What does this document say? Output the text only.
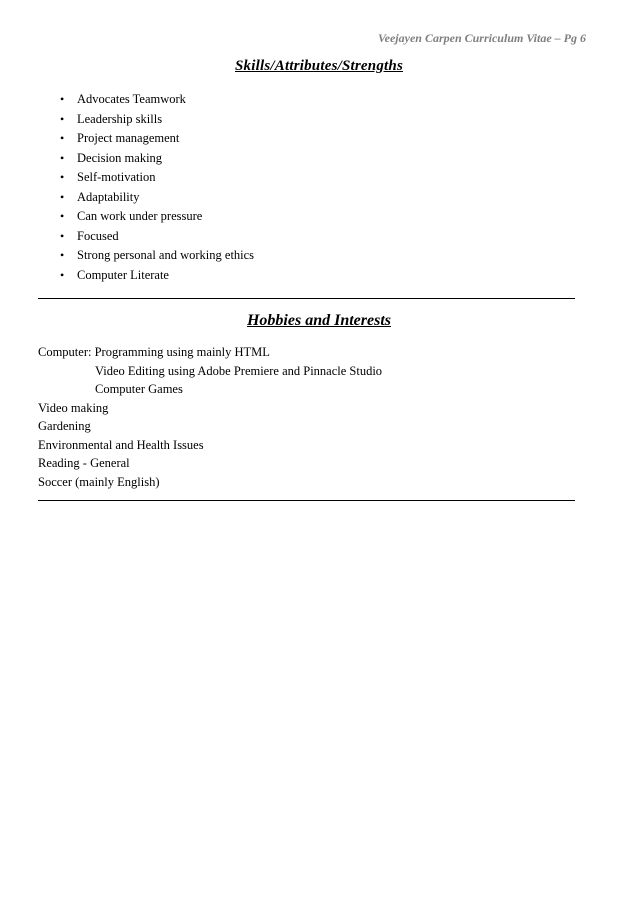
Veejayen Carpen Curriculum Vitae – Pg 6
Skills/Attributes/Strengths
• Advocates Teamwork
• Leadership skills
• Project management
• Decision making
• Self-motivation
• Adaptability
• Can work under pressure
• Focused
• Strong personal and working ethics
• Computer Literate
Hobbies and Interests
Computer: Programming using mainly HTML
Video Editing using Adobe Premiere and Pinnacle Studio
Computer Games
Video making
Gardening
Environmental and Health Issues
Reading - General
Soccer (mainly English)
